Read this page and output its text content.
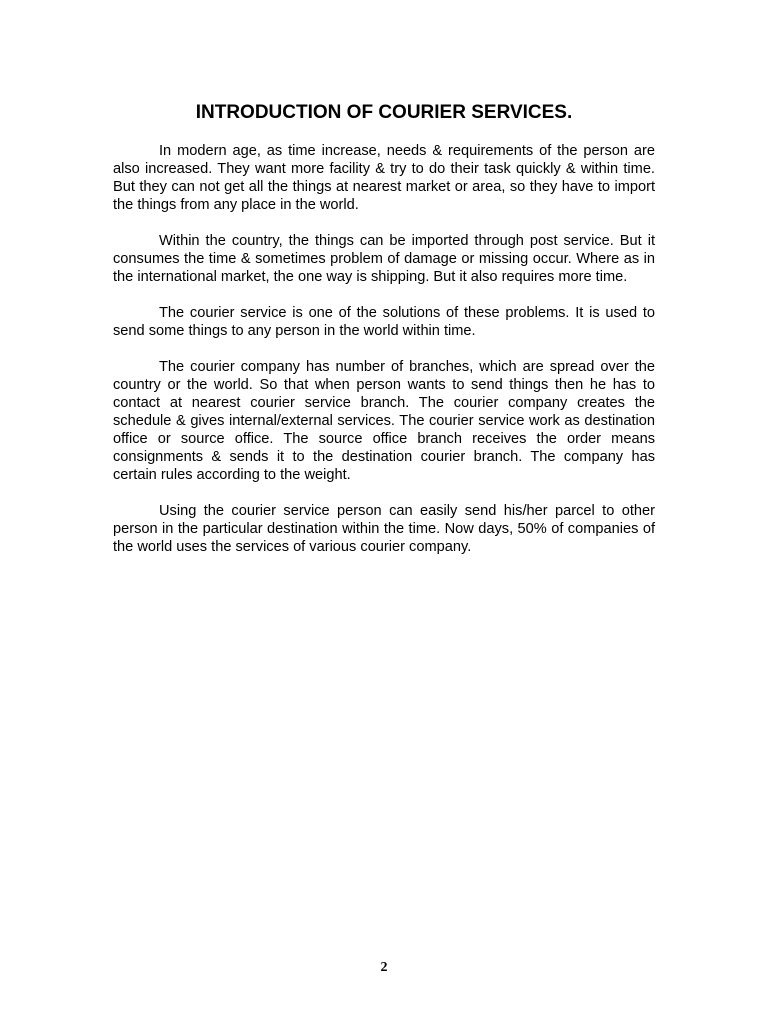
INTRODUCTION OF COURIER SERVICES.

In modern age, as time increase, needs & requirements of the person are also increased. They want more facility & try to do their task quickly & within time. But they can not get all the things at nearest market or area, so they have to import the things from any place in the world.

Within the country, the things can be imported through post service. But it consumes the time & sometimes problem of damage or missing occur. Where as in the international market, the one way is shipping. But it also requires more time.

The courier service is one of the solutions of these problems. It is used to send some things to any person in the world within time.

The courier company has number of branches, which are spread over the country or the world. So that when person wants to send things then he has to contact at nearest courier service branch. The courier company creates the schedule & gives internal/external services. The courier service work as destination office or source office. The source office branch receives the order means consignments & sends it to the destination courier branch. The company has certain rules according to the weight.

Using the courier service person can easily send his/her parcel to other person in the particular destination within the time. Now days, 50% of companies of the world uses the services of various courier company.

2
